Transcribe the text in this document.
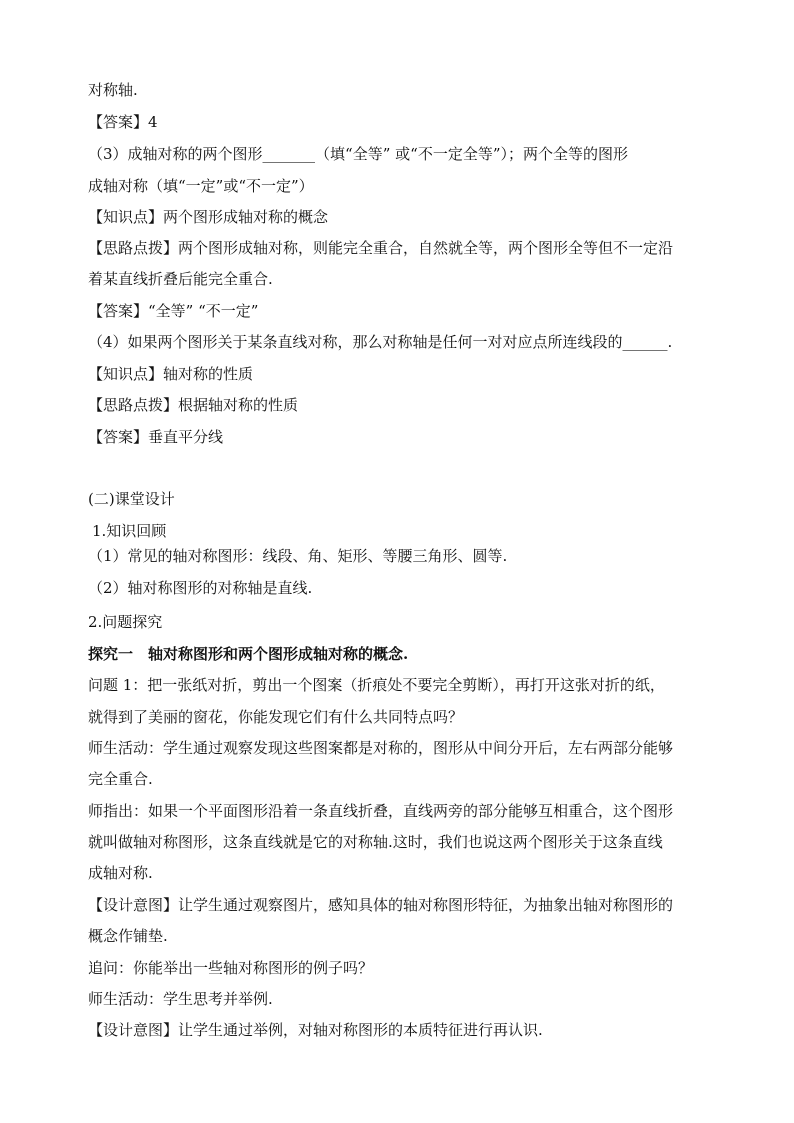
对称轴.
【答案】4
（3）成轴对称的两个图形_______（填“全等” 或“不一定全等”）；两个全等的图形
成轴对称（填“一定”或“不一定”）
【知识点】两个图形成轴对称的概念
【思路点拨】两个图形成轴对称，则能完全重合，自然就全等，两个图形全等但不一定沿
着某直线折叠后能完全重合.
【答案】“全等” “不一定”
（4）如果两个图形关于某条直线对称，那么对称轴是任何一对对应点所连线段的______.
【知识点】轴对称的性质
【思路点拨】根据轴对称的性质
【答案】垂直平分线
(二)课堂设计
1.知识回顾
（1）常见的轴对称图形：线段、角、矩形、等腰三角形、圆等.
（2）轴对称图形的对称轴是直线.
2.问题探究
探究一　轴对称图形和两个图形成轴对称的概念.
问题 1：把一张纸对折，剪出一个图案（折痕处不要完全剪断），再打开这张对折的纸，
就得到了美丽的窗花，你能发现它们有什么共同特点吗？
师生活动：学生通过观察发现这些图案都是对称的，图形从中间分开后，左右两部分能够
完全重合.
师指出：如果一个平面图形沿着一条直线折叠，直线两旁的部分能够互相重合，这个图形
就叫做轴对称图形，这条直线就是它的对称轴.这时，我们也说这两个图形关于这条直线
成轴对称.
【设计意图】让学生通过观察图片，感知具体的轴对称图形特征，为抽象出轴对称图形的
概念作铺垫.
追问：你能举出一些轴对称图形的例子吗？
师生活动：学生思考并举例.
【设计意图】让学生通过举例，对轴对称图形的本质特征进行再认识.
